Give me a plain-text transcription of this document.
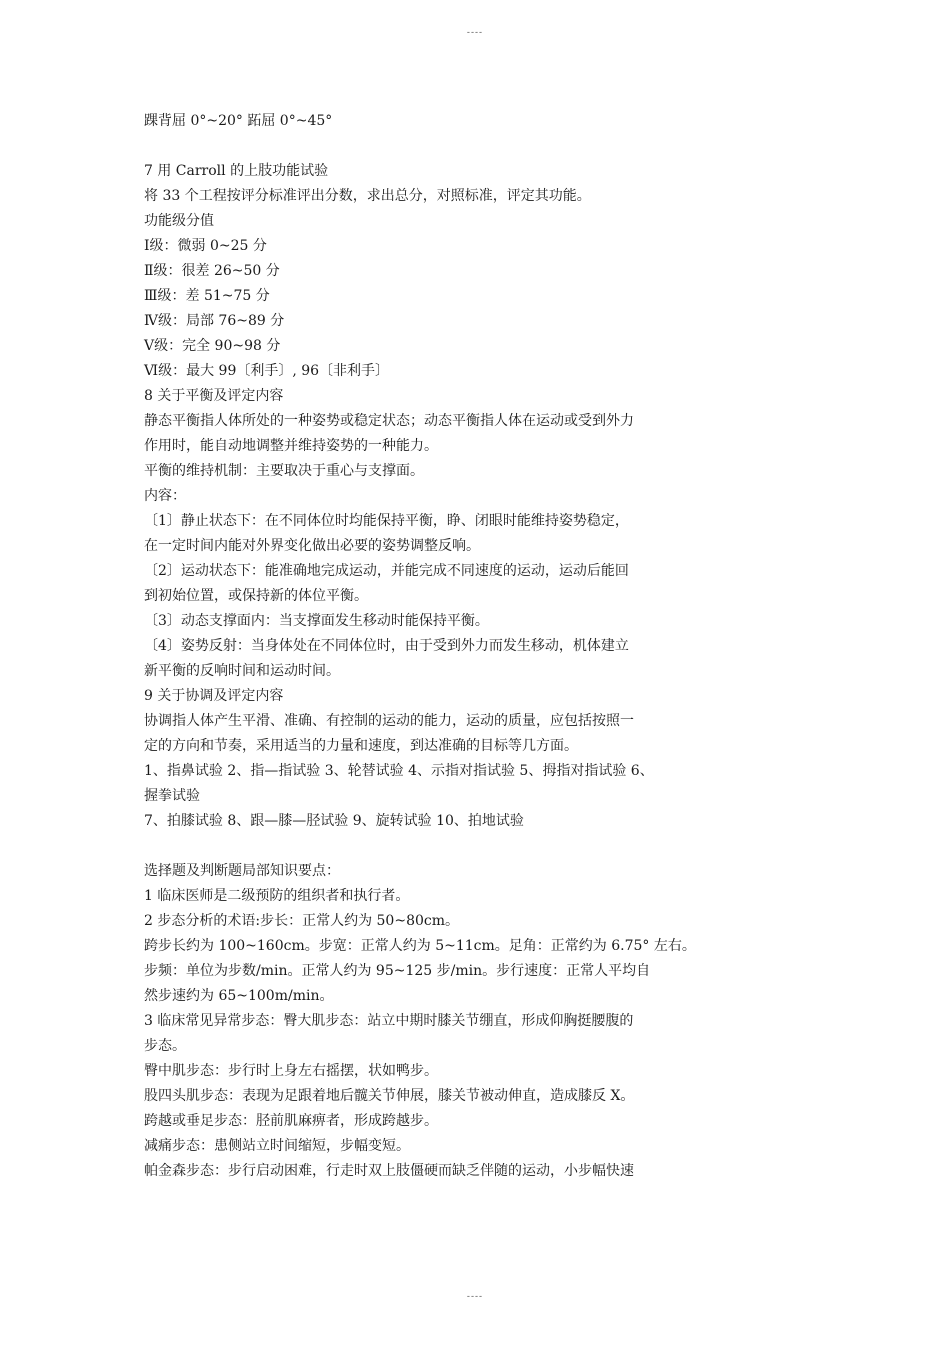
----
踝背屈 0°~20° 跖屈 0°~45°
7 用 Carroll 的上肢功能试验
将 33 个工程按评分标准评出分数，求出总分，对照标准，评定其功能。
功能级分值
Ⅰ级：微弱 0~25 分
Ⅱ级：很差 26~50 分
Ⅲ级：差 51~75 分
Ⅳ级：局部 76~89 分
Ⅴ级：完全 90~98 分
Ⅵ级：最大 99〔利手〕, 96〔非利手〕
8 关于平衡及评定内容
静态平衡指人体所处的一种姿势或稳定状态；动态平衡指人体在运动或受到外力
作用时，能自动地调整并维持姿势的一种能力。
平衡的维持机制：主要取决于重心与支撑面。
内容：
〔1〕静止状态下：在不同体位时均能保持平衡，睁、闭眼时能维持姿势稳定，
在一定时间内能对外界变化做出必要的姿势调整反响。
〔2〕运动状态下：能准确地完成运动，并能完成不同速度的运动，运动后能回
到初始位置，或保持新的体位平衡。
〔3〕动态支撑面内：当支撑面发生移动时能保持平衡。
〔4〕姿势反射：当身体处在不同体位时，由于受到外力而发生移动，机体建立
新平衡的反响时间和运动时间。
9 关于协调及评定内容
协调指人体产生平滑、准确、有控制的运动的能力，运动的质量，应包括按照一
定的方向和节奏，采用适当的力量和速度，到达准确的目标等几方面。
1、指鼻试验 2、指—指试验 3、轮替试验 4、示指对指试验 5、拇指对指试验 6、
握拳试验
7、拍膝试验 8、跟—膝—胫试验 9、旋转试验 10、拍地试验
选择题及判断题局部知识要点：
1 临床医师是二级预防的组织者和执行者。
2 步态分析的术语:步长：正常人约为 50~80cm。
跨步长约为 100~160cm。步宽：正常人约为 5~11cm。足角：正常约为 6.75° 左右。
步频：单位为步数/min。正常人约为 95~125 步/min。步行速度：正常人平均自
然步速约为 65~100m/min。
3 临床常见异常步态：臀大肌步态：站立中期时膝关节绷直，形成仰胸挺腰腹的
步态。
臀中肌步态：步行时上身左右摇摆，状如鸭步。
股四头肌步态：表现为足跟着地后髋关节伸展，膝关节被动伸直，造成膝反 X。
跨越或垂足步态：胫前肌麻痹者，形成跨越步。
减痛步态：患侧站立时间缩短，步幅变短。
帕金森步态：步行启动困难，行走时双上肢僵硬而缺乏伴随的运动，小步幅快速
----
